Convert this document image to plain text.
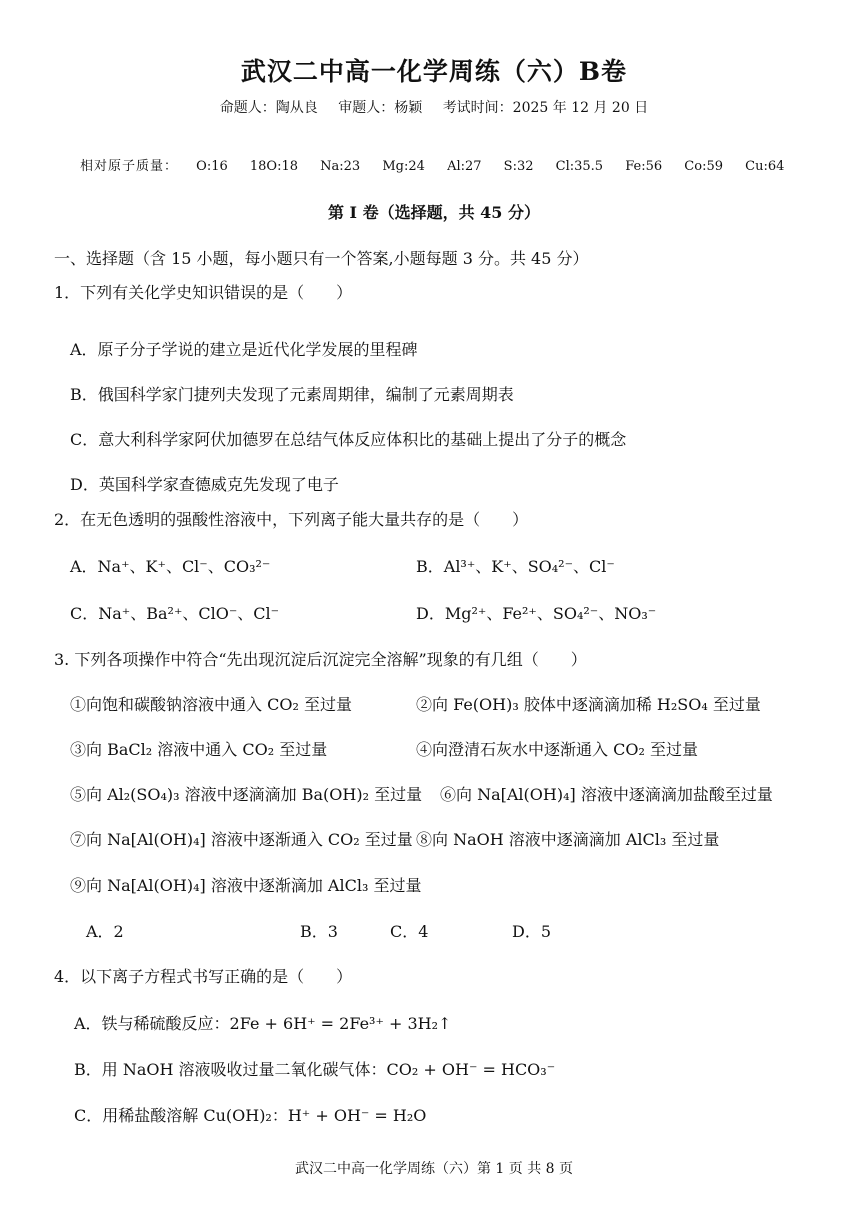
武汉二中高一化学周练（六）B卷
命题人：陶从良 审题人：杨颖 考试时间：2025 年 12 月 20 日
相对原子质量： O:16 18O:18 Na:23 Mg:24 Al:27 S:32 Cl:35.5 Fe:56 Co:59 Cu:64
第 I 卷（选择题，共 45 分）
一、选择题（含 15 小题，每小题只有一个答案,小题每题 3 分。共 45 分）
1．下列有关化学史知识错误的是（　　）
A．原子分子学说的建立是近代化学发展的里程碑
B．俄国科学家门捷列夫发现了元素周期律，编制了元素周期表
C．意大利科学家阿伏加德罗在总结气体反应体积比的基础上提出了分子的概念
D．英国科学家查德威克先发现了电子
2．在无色透明的强酸性溶液中，下列离子能大量共存的是（　　）
A．Na⁺、K⁺、Cl⁻、CO₃²⁻	B．Al³⁺、K⁺、SO₄²⁻、Cl⁻
C．Na⁺、Ba²⁺、ClO⁻、Cl⁻	D．Mg²⁺、Fe²⁺、SO₄²⁻、NO₃⁻
3. 下列各项操作中符合“先出现沉淀后沉淀完全溶解”现象的有几组（　　）
①向饱和碳酸钠溶液中通入 CO₂ 至过量	②向 Fe(OH)₃ 胶体中逐滴滴加稀 H₂SO₄ 至过量
③向 BaCl₂ 溶液中通入 CO₂ 至过量	④向澄清石灰水中逐渐通入 CO₂ 至过量
⑤向 Al₂(SO₄)₃ 溶液中逐滴滴加 Ba(OH)₂ 至过量 ⑥向 Na[Al(OH)₄] 溶液中逐滴滴加盐酸至过量
⑦向 Na[Al(OH)₄] 溶液中逐渐通入 CO₂ 至过量 ⑧向 NaOH 溶液中逐滴滴加 AlCl₃ 至过量
⑨向 Na[Al(OH)₄] 溶液中逐渐滴加 AlCl₃ 至过量
A．2	B．3	C．4	D．5
4．以下离子方程式书写正确的是（　　）
A．铁与稀硫酸反应：2Fe + 6H⁺ = 2Fe³⁺ + 3H₂↑
B．用 NaOH 溶液吸收过量二氧化碳气体：CO₂ + OH⁻ = HCO₃⁻
C．用稀盐酸溶解 Cu(OH)₂：H⁺ + OH⁻ = H₂O
武汉二中高一化学周练（六）第 1 页 共 8 页
